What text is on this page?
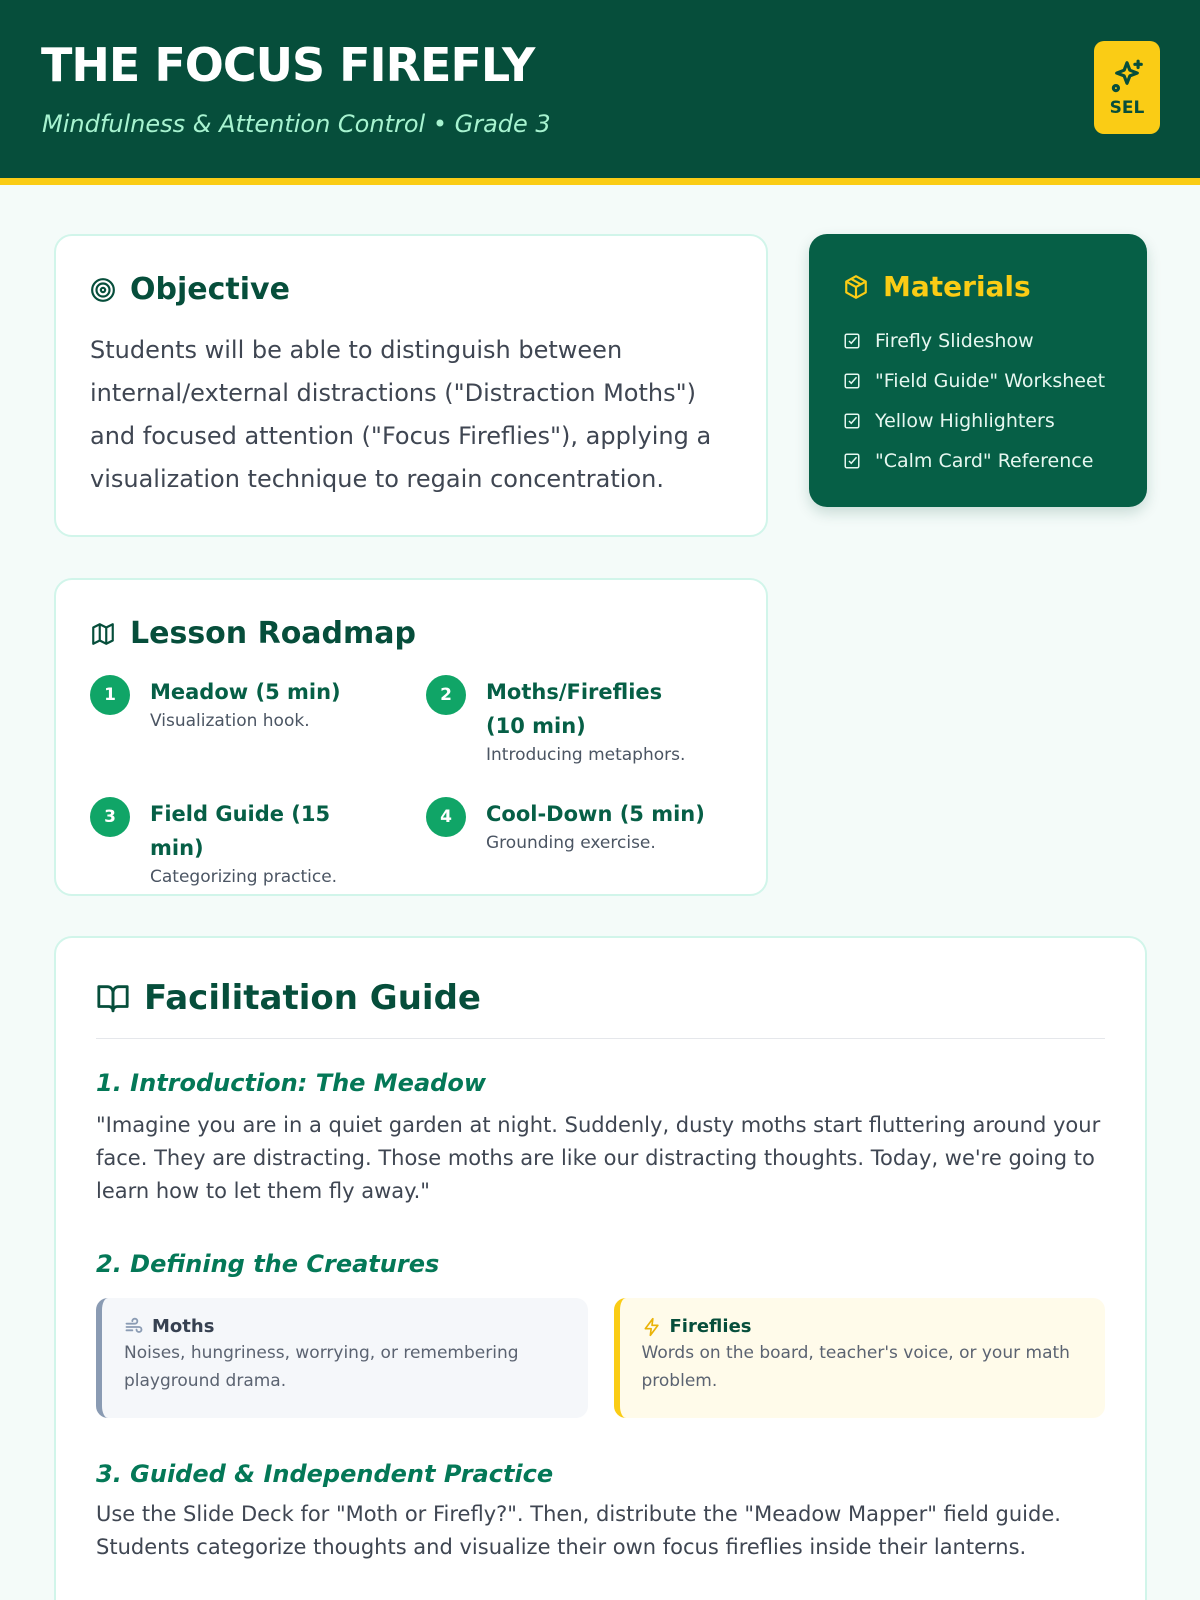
THE FOCUS FIREFLY
Mindfulness & Attention Control • Grade 3
SEL
Objective
Students will be able to distinguish between internal/external distractions ("Distraction Moths") and focused attention ("Focus Fireflies"), applying a visualization technique to regain concentration.
Materials
Firefly Slideshow
"Field Guide" Worksheet
Yellow Highlighters
"Calm Card" Reference
Lesson Roadmap
1	Meadow (5 min)
Visualization hook.
2	Moths/Fireflies (10 min)
Introducing metaphors.
3	Field Guide (15 min)
Categorizing practice.
4	Cool-Down (5 min)
Grounding exercise.
Facilitation Guide
1. Introduction: The Meadow
"Imagine you are in a quiet garden at night. Suddenly, dusty moths start fluttering around your face. They are distracting. Those moths are like our distracting thoughts. Today, we're going to learn how to let them fly away."
2. Defining the Creatures
Moths
Noises, hungriness, worrying, or remembering playground drama.
Fireflies
Words on the board, teacher's voice, or your math problem.
3. Guided & Independent Practice
Use the Slide Deck for "Moth or Firefly?". Then, distribute the "Meadow Mapper" field guide. Students categorize thoughts and visualize their own focus fireflies inside their lanterns.
